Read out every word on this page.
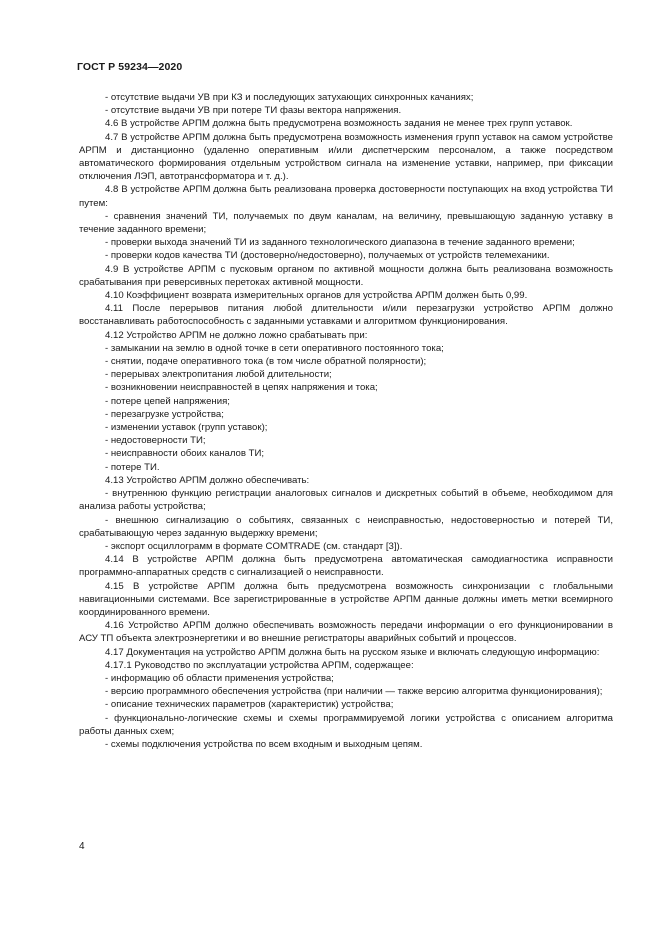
ГОСТ Р 59234—2020

- отсутствие выдачи УВ при КЗ и последующих затухающих синхронных качаниях;

- отсутствие выдачи УВ при потере ТИ фазы вектора напряжения.

4.6 В устройстве АРПМ должна быть предусмотрена возможность задания не менее трех групп уставок.

4.7 В устройстве АРПМ должна быть предусмотрена возможность изменения групп уставок на самом устройстве АРПМ и дистанционно (удаленно оперативным и/или диспетчерским персоналом, а также посредством автоматического формирования отдельным устройством сигнала на изменение уставки, например, при фиксации отключения ЛЭП, автотрансформатора и т. д.).

4.8 В устройстве АРПМ должна быть реализована проверка достоверности поступающих на вход устройства ТИ путем:

- сравнения значений ТИ, получаемых по двум каналам, на величину, превышающую заданную уставку в течение заданного времени;

- проверки выхода значений ТИ из заданного технологического диапазона в течение заданного времени;

- проверки кодов качества ТИ (достоверно/недостоверно), получаемых от устройств телемеханики.

4.9 В устройстве АРПМ с пусковым органом по активной мощности должна быть реализована возможность срабатывания при реверсивных перетоках активной мощности.

4.10 Коэффициент возврата измерительных органов для устройства АРПМ должен быть 0,99.

4.11 После перерывов питания любой длительности и/или перезагрузки устройство АРПМ должно восстанавливать работоспособность с заданными уставками и алгоритмом функционирования.

4.12 Устройство АРПМ не должно ложно срабатывать при:

- замыкании на землю в одной точке в сети оперативного постоянного тока;

- снятии, подаче оперативного тока (в том числе обратной полярности);

- перерывах электропитания любой длительности;

- возникновении неисправностей в цепях напряжения и тока;

- потере цепей напряжения;

- перезагрузке устройства;

- изменении уставок (групп уставок);

- недостоверности ТИ;

- неисправности обоих каналов ТИ;

- потере ТИ.

4.13 Устройство АРПМ должно обеспечивать:

- внутреннюю функцию регистрации аналоговых сигналов и дискретных событий в объеме, необходимом для анализа работы устройства;

- внешнюю сигнализацию о событиях, связанных с неисправностью, недостоверностью и потерей ТИ, срабатывающую через заданную выдержку времени;

- экспорт осциллограмм в формате COMTRADE (см. стандарт [3]).

4.14 В устройстве АРПМ должна быть предусмотрена автоматическая самодиагностика исправности программно-аппаратных средств с сигнализацией о неисправности.

4.15 В устройстве АРПМ должна быть предусмотрена возможность синхронизации с глобальными навигационными системами. Все зарегистрированные в устройстве АРПМ данные должны иметь метки всемирного координированного времени.

4.16 Устройство АРПМ должно обеспечивать возможность передачи информации о его функционировании в АСУ ТП объекта электроэнергетики и во внешние регистраторы аварийных событий и процессов.

4.17 Документация на устройство АРПМ должна быть на русском языке и включать следующую информацию:

4.17.1 Руководство по эксплуатации устройства АРПМ, содержащее:

- информацию об области применения устройства;

- версию программного обеспечения устройства (при наличии — также версию алгоритма функционирования);

- описание технических параметров (характеристик) устройства;

- функционально-логические схемы и схемы программируемой логики устройства с описанием алгоритма работы данных схем;

- схемы подключения устройства по всем входным и выходным цепям.

4
